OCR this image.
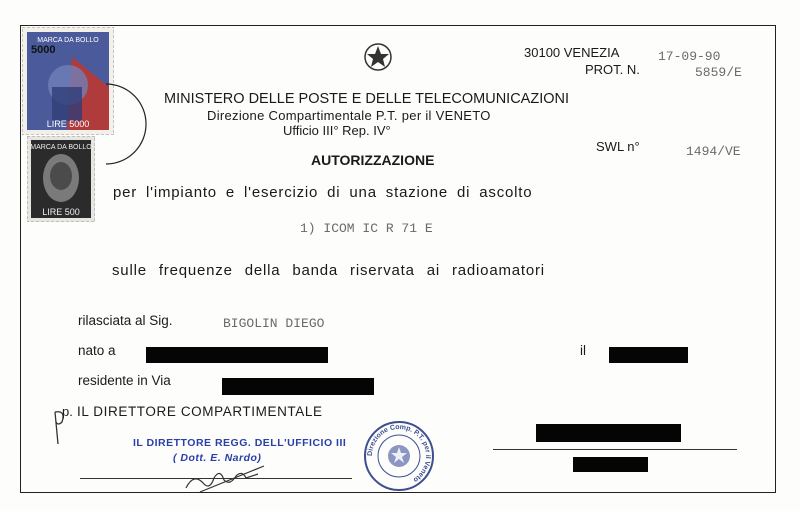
5000
MARCA DA BOLLO
LIRE 5000
MARCA DA BOLLO
LIRE 500
30100 VENEZIA
PROT. N.
17-09-90
5859/E
MINISTERO DELLE POSTE E DELLE TELECOMUNICAZIONI
Direzione Compartimentale P.T. per il VENETO
Ufficio III° Rep. IV°
SWL n°	1494/VE
AUTORIZZAZIONE
per l'impianto e l'esercizio di una stazione di ascolto
1) ICOM IC R 71 E
sulle frequenze della banda riservata ai radioamatori
rilasciata al Sig.	BIGOLIN DIEGO
nato a	il
residente in Via
p. IL DIRETTORE COMPARTIMENTALE
IL DIRETTORE REGG. DELL'UFFICIO III
( Dott. E. Nardo)	Direzione Comp. P.T. per il Veneto
